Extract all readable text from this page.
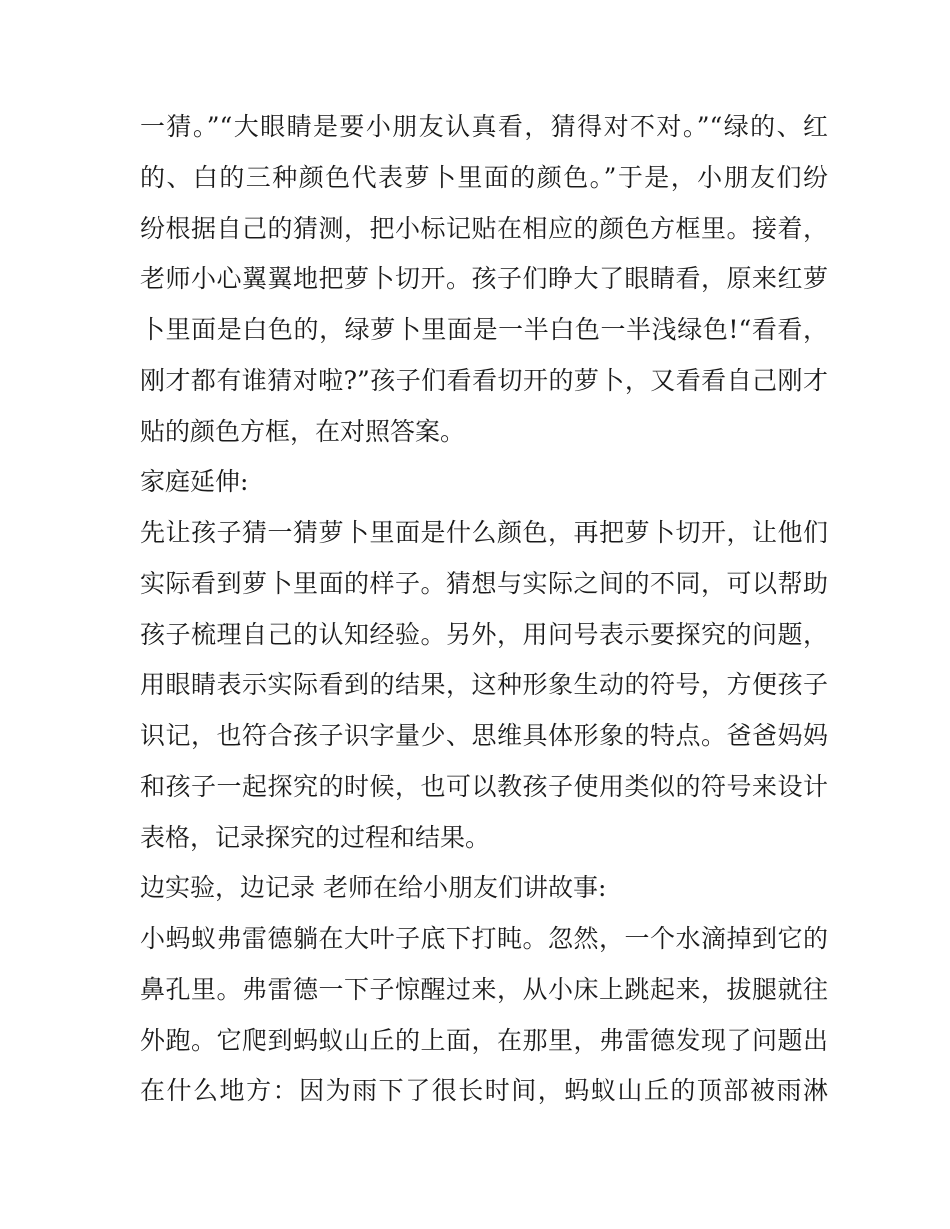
一猜。”“大眼睛是要小朋友认真看，猜得对不对。”“绿的、红
的、白的三种颜色代表萝卜里面的颜色。”于是，小朋友们纷
纷根据自己的猜测，把小标记贴在相应的颜色方框里。接着，
老师小心翼翼地把萝卜切开。孩子们睁大了眼睛看，原来红萝
卜里面是白色的，绿萝卜里面是一半白色一半浅绿色!“看看，
刚才都有谁猜对啦?”孩子们看看切开的萝卜，又看看自己刚才
贴的颜色方框，在对照答案。
家庭延伸:
先让孩子猜一猜萝卜里面是什么颜色，再把萝卜切开，让他们
实际看到萝卜里面的样子。猜想与实际之间的不同，可以帮助
孩子梳理自己的认知经验。另外，用问号表示要探究的问题，
用眼睛表示实际看到的结果，这种形象生动的符号，方便孩子
识记，也符合孩子识字量少、思维具体形象的特点。爸爸妈妈
和孩子一起探究的时候，也可以教孩子使用类似的符号来设计
表格，记录探究的过程和结果。
边实验，边记录 老师在给小朋友们讲故事:
小蚂蚁弗雷德躺在大叶子底下打盹。忽然，一个水滴掉到它的
鼻孔里。弗雷德一下子惊醒过来，从小床上跳起来，拔腿就往
外跑。它爬到蚂蚁山丘的上面，在那里，弗雷德发现了问题出
在什么地方：因为雨下了很长时间，蚂蚁山丘的顶部被雨淋
